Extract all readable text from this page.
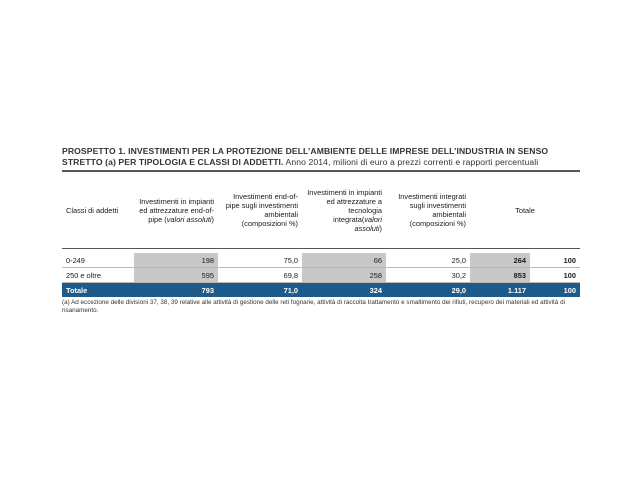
PROSPETTO 1. INVESTIMENTI PER LA PROTEZIONE DELL’AMBIENTE DELLE IMPRESE DELL’INDUSTRIA IN SENSO STRETTO (a) PER TIPOLOGIA E CLASSI DI ADDETTI. Anno 2014, milioni di euro a prezzi correnti e rapporti percentuali
Classi di addetti	Investimenti in impianti ed attrezzature end-of-pipe (valori assoluti)	Investimenti end-of-pipe sugli investimenti ambientali (composizioni %)	Investimenti in impianti ed attrezzature a tecnologia integrata(valori assoluti)	Investimenti integrati sugli investimenti ambientali (composizioni %)	Totale	

0-249	198	75,0	66	25,0	264	100
250 e oltre	595	69,8	258	30,2	853	100
Totale	793	71,0	324	29,0	1.117	100
(a) Ad eccezione delle divisioni 37, 38, 39 relative alle attività di gestione delle reti fognarie, attività di raccolta trattamento e smaltimento dei rifiuti, recupero dei materiali ed attività di risanamento.
